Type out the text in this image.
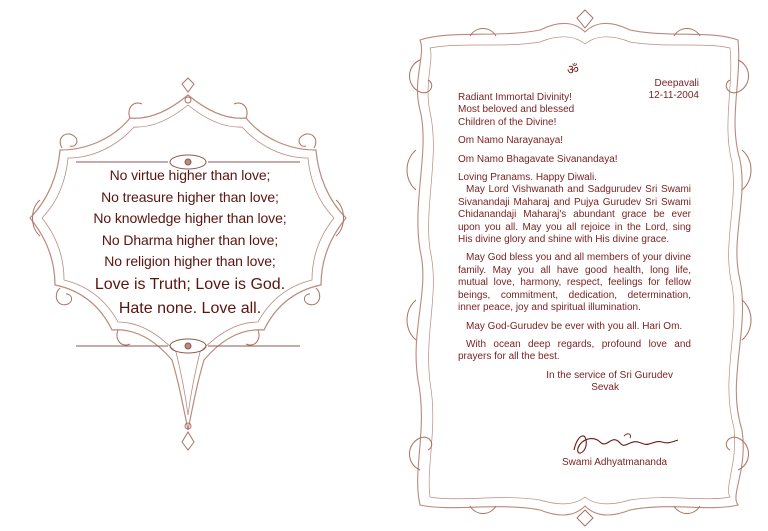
No virtue higher than love;
No treasure higher than love;
No knowledge higher than love;
No Dharma higher than love;
No religion higher than love;
Love is Truth; Love is God.
Hate none. Love all.
ॐ
Deepavali
12-11-2004

Radiant Immortal Divinity!

Most beloved and blessed

Children of the Divine!

Om Namo Narayanaya!

Om Namo Bhagavate Sivanandaya!

Loving Pranams. Happy Diwali.

May Lord Vishwanath and Sadgurudev Sri Swami Sivanandaji Maharaj and Pujya Gurudev Sri Swami Chidanandaji Maharaj's abundant grace be ever upon you all. May you all rejoice in the Lord, sing His divine glory and shine with His divine grace.

May God bless you and all members of your divine family. May you all have good health, long life, mutual love, harmony, respect, feelings for fellow beings, commitment, dedication, determination, inner peace, joy and spiritual illumination.

May God-Gurudev be ever with you all. Hari Om.

With ocean deep regards, profound love and prayers for all the best.

In the service of Sri Gurudev

Sevak

Swami Adhyatmananda
